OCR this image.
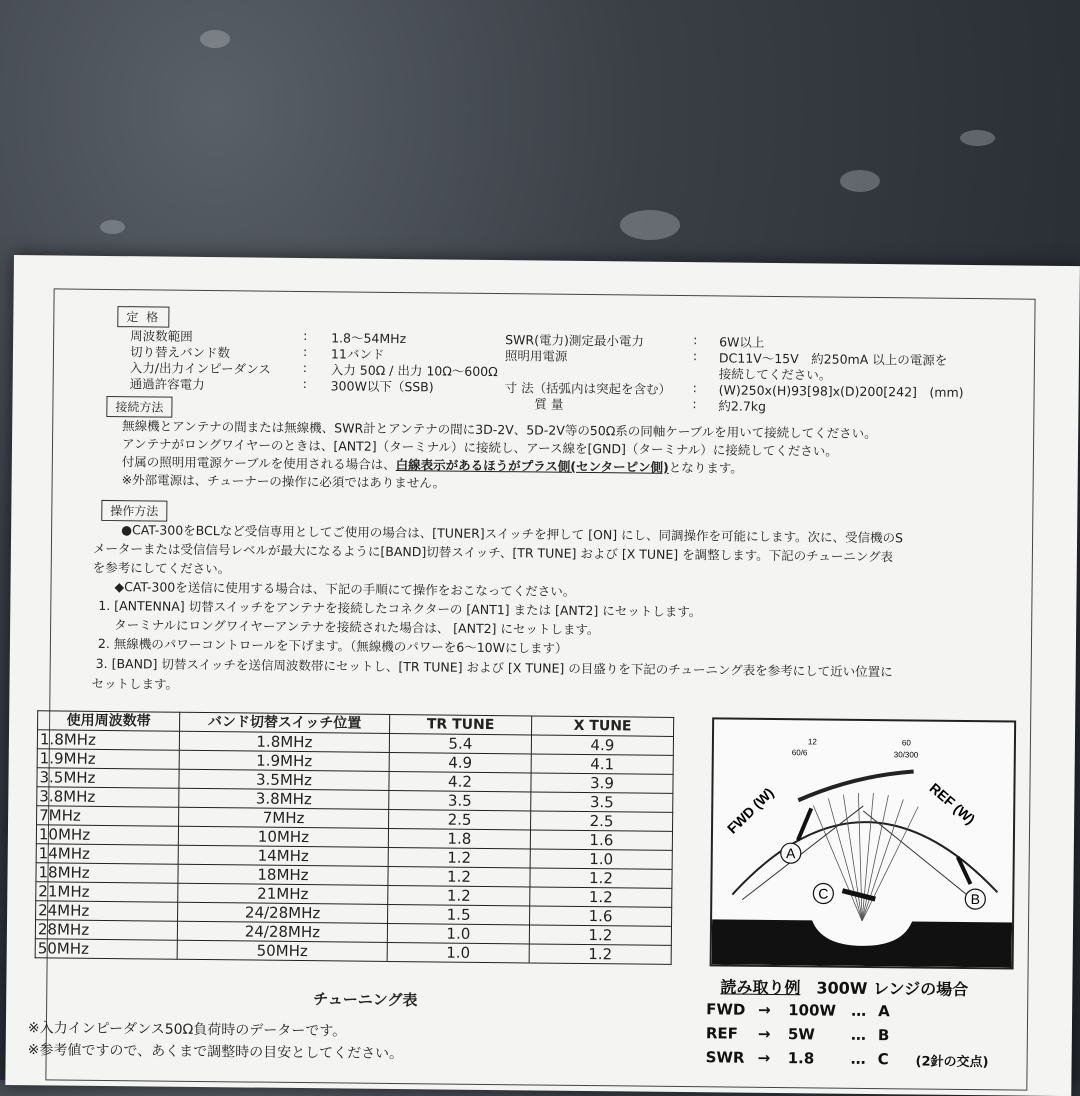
定 格
周波数範囲	: 1.8～54MHz
切り替えバンド数	: 11バンド
入力/出力インピーダンス	: 入力 50Ω / 出力 10Ω～600Ω
通過許容電力	: 300W以下（SSB)
SWR(電力)測定最小電力	: 6W以上
照明用電源	: DC11V～15V　約250mA 以上の電源を
接続してください。
寸 法（括弧内は突起を含む） : (W)250x(H)93[98]x(D)200[242]　(mm)
質 量	: 約2.7kg
接続方法
無線機とアンテナの間または無線機、SWR計とアンテナの間に3D-2V、5D-2V等の50Ω系の同軸ケーブルを用いて接続してください。
アンテナがロングワイヤーのときは、[ANT2]（ターミナル）に接続し、アース線を[GND]（ターミナル）に接続してください。
付属の照明用電源ケーブルを使用される場合は、白線表示があるほうがプラス側(センターピン側)となります。
※外部電源は、チューナーの操作に必須ではありません。
操作方法
●CAT-300をBCLなど受信専用としてご使用の場合は、[TUNER]スイッチを押して [ON] にし、同調操作を可能にします。次に、受信機のS
メーターまたは受信信号レベルが最大になるように[BAND]切替スイッチ、[TR TUNE] および [X TUNE] を調整します。下記のチューニング表
を参考にしてください。
◆CAT-300を送信に使用する場合は、下記の手順にて操作をおこなってください。
1. [ANTENNA] 切替スイッチをアンテナを接続したコネクターの [ANT1] または [ANT2] にセットします。
ターミナルにロングワイヤーアンテナを接続された場合は、 [ANT2] にセットします。
2. 無線機のパワーコントロールを下げます。（無線機のパワーを6～10Wにします）
3. [BAND] 切替スイッチを送信周波数帯にセットし、[TR TUNE] および [X TUNE] の目盛りを下記のチューニング表を参考にして近い位置に
セットします。
使用周波数帯	バンド切替スイッチ位置	TR TUNE	X TUNE
1.8MHz	1.8MHz	5.4	4.9
1.9MHz	1.9MHz	4.9	4.1
3.5MHz	3.5MHz	4.2	3.9
3.8MHz	3.8MHz	3.5	3.5
7MHz	7MHz	2.5	2.5
10MHz	10MHz	1.8	1.6
14MHz	14MHz	1.2	1.0
18MHz	18MHz	1.2	1.2
21MHz	21MHz	1.2	1.2
24MHz	24/28MHz	1.5	1.6
28MHz	24/28MHz	1.0	1.2
50MHz	50MHz	1.0	1.2
チューニング表
※入力インピーダンス50Ω負荷時のデーターです。
※参考値ですので、あくまで調整時の目安としてください。
A
C	B
FWD (W)	REF (W)
SWR
60/6
12
30/300
60
読み取り例　 300W レンジの場合
FWD → 100W … A
REF → 5W … B
SWR → 1.8 … C (2針の交点)
